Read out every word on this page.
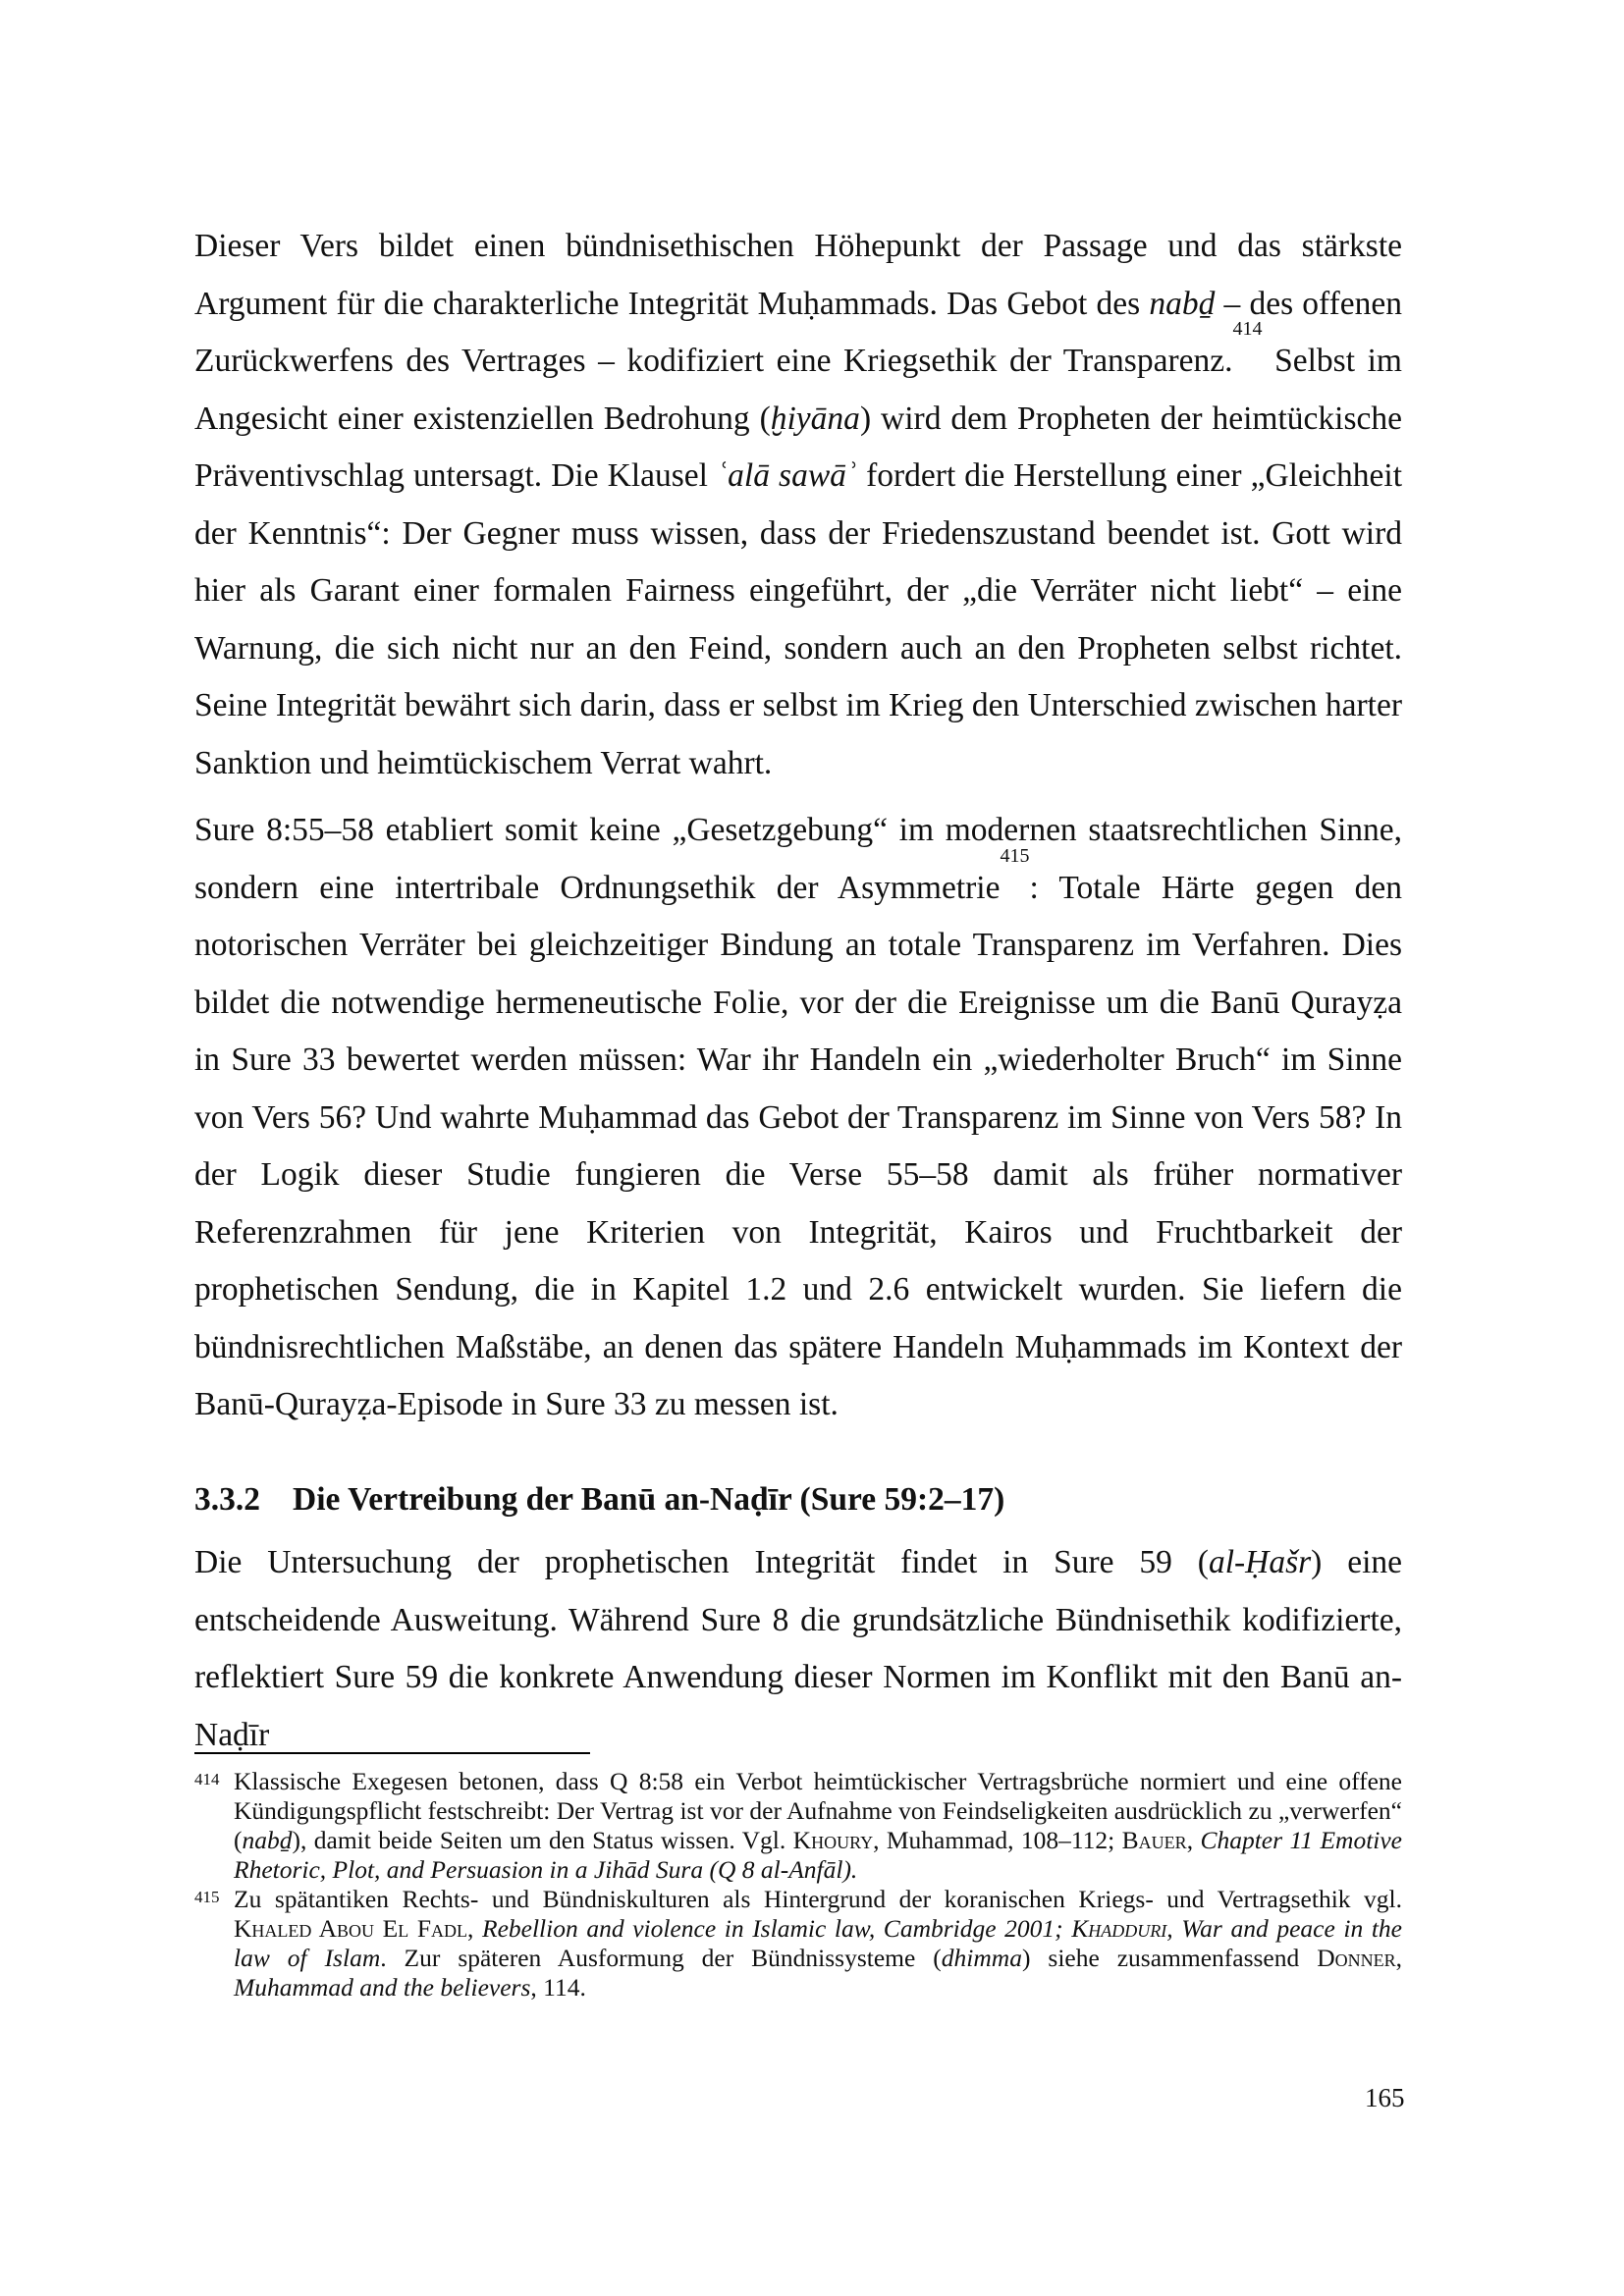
Dieser Vers bildet einen bündnisethischen Höhepunkt der Passage und das stärkste Argument für die charakterliche Integrität Muḥammads. Das Gebot des nabḏ – des offenen Zurückwerfens des Vertrages – kodifiziert eine Kriegsethik der Transparenz.$^{414}$ Selbst im Angesicht einer existenziellen Bedrohung (ḫiyāna) wird dem Propheten der heimtückische Präventivschlag untersagt. Die Klausel ʿalā sawāʾ fordert die Herstellung einer „Gleichheit der Kenntnis“: Der Gegner muss wissen, dass der Friedenszustand beendet ist. Gott wird hier als Garant einer formalen Fairness eingeführt, der „die Verräter nicht liebt“ – eine Warnung, die sich nicht nur an den Feind, sondern auch an den Propheten selbst richtet. Seine Integrität bewährt sich darin, dass er selbst im Krieg den Unterschied zwischen harter Sanktion und heimtückischem Verrat wahrt.

Sure 8:55–58 etabliert somit keine „Gesetzgebung“ im modernen staatsrechtlichen Sinne, sondern eine intertribale Ordnungsethik der Asymmetrie$^{415}$: Totale Härte gegen den notorischen Verräter bei gleichzeitiger Bindung an totale Transparenz im Verfahren. Dies bildet die notwendige hermeneutische Folie, vor der die Ereignisse um die Banū Qurayẓa in Sure 33 bewertet werden müssen: War ihr Handeln ein „wiederholter Bruch“ im Sinne von Vers 56? Und wahrte Muḥammad das Gebot der Transparenz im Sinne von Vers 58? In der Logik dieser Studie fungieren die Verse 55–58 damit als früher normativer Referenzrahmen für jene Kriterien von Integrität, Kairos und Fruchtbarkeit der prophetischen Sendung, die in Kapitel 1.2 und 2.6 entwickelt wurden. Sie liefern die bündnisrechtlichen Maßstäbe, an denen das spätere Handeln Muḥammads im Kontext der Banū-Qurayẓa-Episode in Sure 33 zu messen ist.

3.3.2 Die Vertreibung der Banū an-Naḍīr (Sure 59:2–17)

Die Untersuchung der prophetischen Integrität findet in Sure 59 (al-Ḥašr) eine entscheidende Ausweitung. Während Sure 8 die grundsätzliche Bündnisethik kodifizierte, reflektiert Sure 59 die konkrete Anwendung dieser Normen im Konflikt mit den Banū an-Naḍīr

414 Klassische Exegesen betonen, dass Q 8:58 ein Verbot heimtückischer Vertragsbrüche normiert und eine offene Kündigungspflicht festschreibt: Der Vertrag ist vor der Aufnahme von Feindseligkeiten ausdrücklich zu „verwerfen“ (nabḏ), damit beide Seiten um den Status wissen. Vgl. Khoury, Muhammad, 108–112; Bauer, Chapter 11 Emotive Rhetoric, Plot, and Persuasion in a Jihād Sura (Q 8 al-Anfāl).

415 Zu spätantiken Rechts- und Bündniskulturen als Hintergrund der koranischen Kriegs- und Vertragsethik vgl. Khaled Abou El Fadl, Rebellion and violence in Islamic law, Cambridge 2001; Khadduri, War and peace in the law of Islam. Zur späteren Ausformung der Bündnissysteme (dhimma) siehe zusammenfassend Donner, Muhammad and the believers, 114.

165
